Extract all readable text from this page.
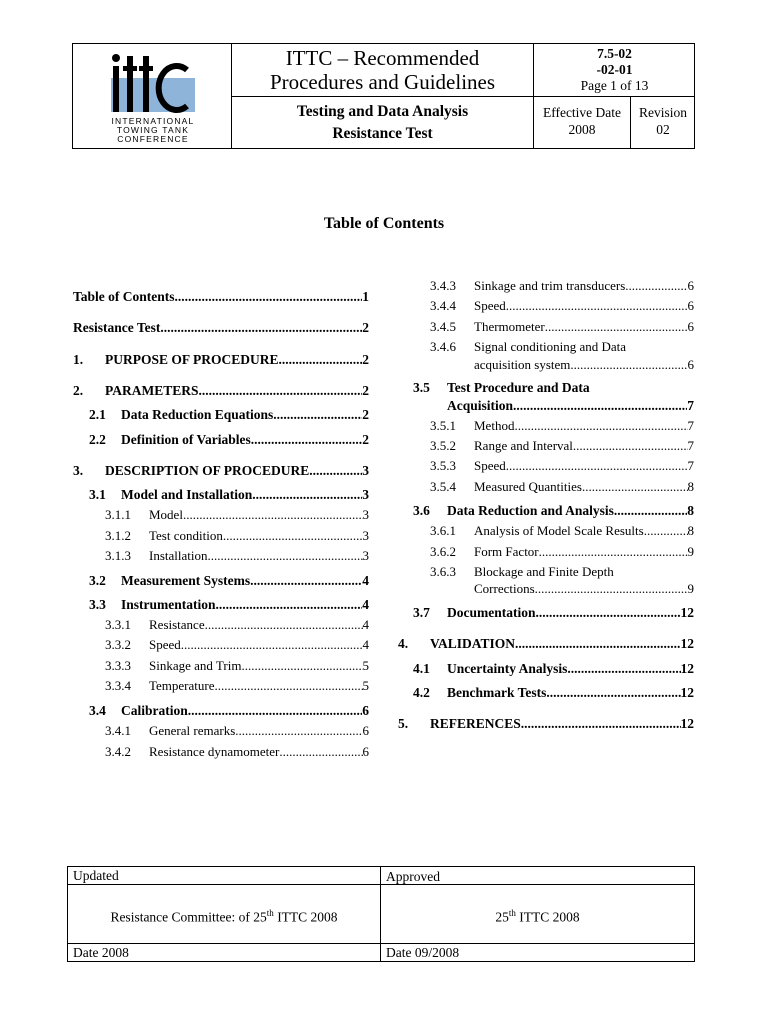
INTERNATIONAL
TOWING TANK
CONFERENCE
ITTC – Recommended
Procedures and Guidelines
Testing and Data Analysis
Resistance Test
7.5-02
-02-01
Page 1 of 13
Effective Date
2008
Revision
02
Table of Contents
Table of Contents .....	1
Resistance Test .....	2
1. PURPOSE OF PROCEDURE .....	2
2. PARAMETERS .....	2
2.1 Data Reduction Equations .....	2
2.2 Definition of Variables .....	2
3. DESCRIPTION OF PROCEDURE .....	3
3.1 Model and Installation .....	3
3.1.1 Model .....	3
3.1.2 Test condition .....	3
3.1.3 Installation .....	3
3.2 Measurement Systems .....	4
3.3 Instrumentation .....	4
3.3.1 Resistance .....	4
3.3.2 Speed .....	4
3.3.3 Sinkage and Trim .....	5
3.3.4 Temperature .....	5
3.4 Calibration .....	6
3.4.1 General remarks .....	6
3.4.2 Resistance dynamometer .....	6
3.4.3 Sinkage and trim transducers .....	6
3.4.4 Speed .....	6
3.4.5 Thermometer .....	6
3.4.6 Signal conditioning and Data
acquisition system .....	6
3.5 Test Procedure and Data
Acquisition .....	7
3.5.1 Method .....	7
3.5.2 Range and Interval .....	7
3.5.3 Speed .....	7
3.5.4 Measured Quantities .....	8
3.6 Data Reduction and Analysis .....	8
3.6.1 Analysis of Model Scale Results .....	8
3.6.2 Form Factor .....	9
3.6.3 Blockage and Finite Depth
Corrections .....	9
3.7 Documentation .....	12
4. VALIDATION .....	12
4.1 Uncertainty Analysis .....	12
4.2 Benchmark Tests .....	12
5. REFERENCES .....	12
Updated	Approved
Resistance Committee: of 25th ITTC 2008	25th ITTC 2008
Date 2008	Date 09/2008
